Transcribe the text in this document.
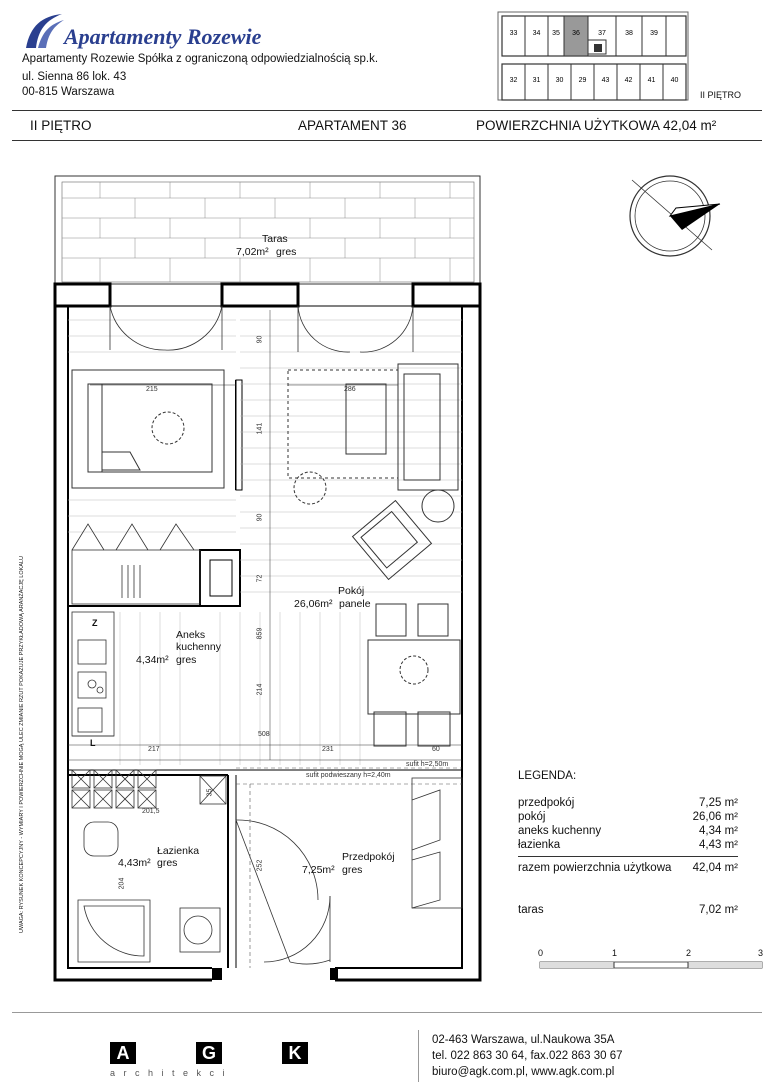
Apartamenty Rozewie
Apartamenty Rozewie Spółka z ograniczoną odpowiedzialnością sp.k.
ul. Sienna 86 lok. 43
00-815 Warszawa
33 34 35 36	37	38 39
32 31 30 29 43 42 41 40
II PIĘTRO
II PIĘTRO	APARTAMENT 36	POWIERZCHNIA UŻYTKOWA 42,04 m²
Taras
7,02m² gres
Pokój
26,06m² panele
Aneks
kuchenny
4,34m² gres
Łazienka
4,43m² gres	Przedpokój
7,25m² gres
215	286
90
141
90
72
859
214
508
217	231	60
35
201,5
204
252
sufit h=2,50m
sufit podwieszany h=2,40m
Z
L
LEGENDA:
przedpokój	7,25 m²
pokój	26,06 m²
aneks kuchenny	4,34 m²
łazienka	4,43 m²
razem powierzchnia użytkowa 42,04 m²
taras	7,02 m²
0	1	2	3
UWAGA: RYSUNEK KONCEPCYJNY - WYMIARY I POWIERZCHNIE MOGĄ ULEC ZMIANIE RZUT POKAZUJE PRZYKŁADOWĄ ARANŻACJĘ LOKALU
A	G	K
a r c h i t e k c i
02-463 Warszawa, ul.Naukowa 35A
tel. 022 863 30 64, fax.022 863 30 67
biuro@agk.com.pl, www.agk.com.pl
